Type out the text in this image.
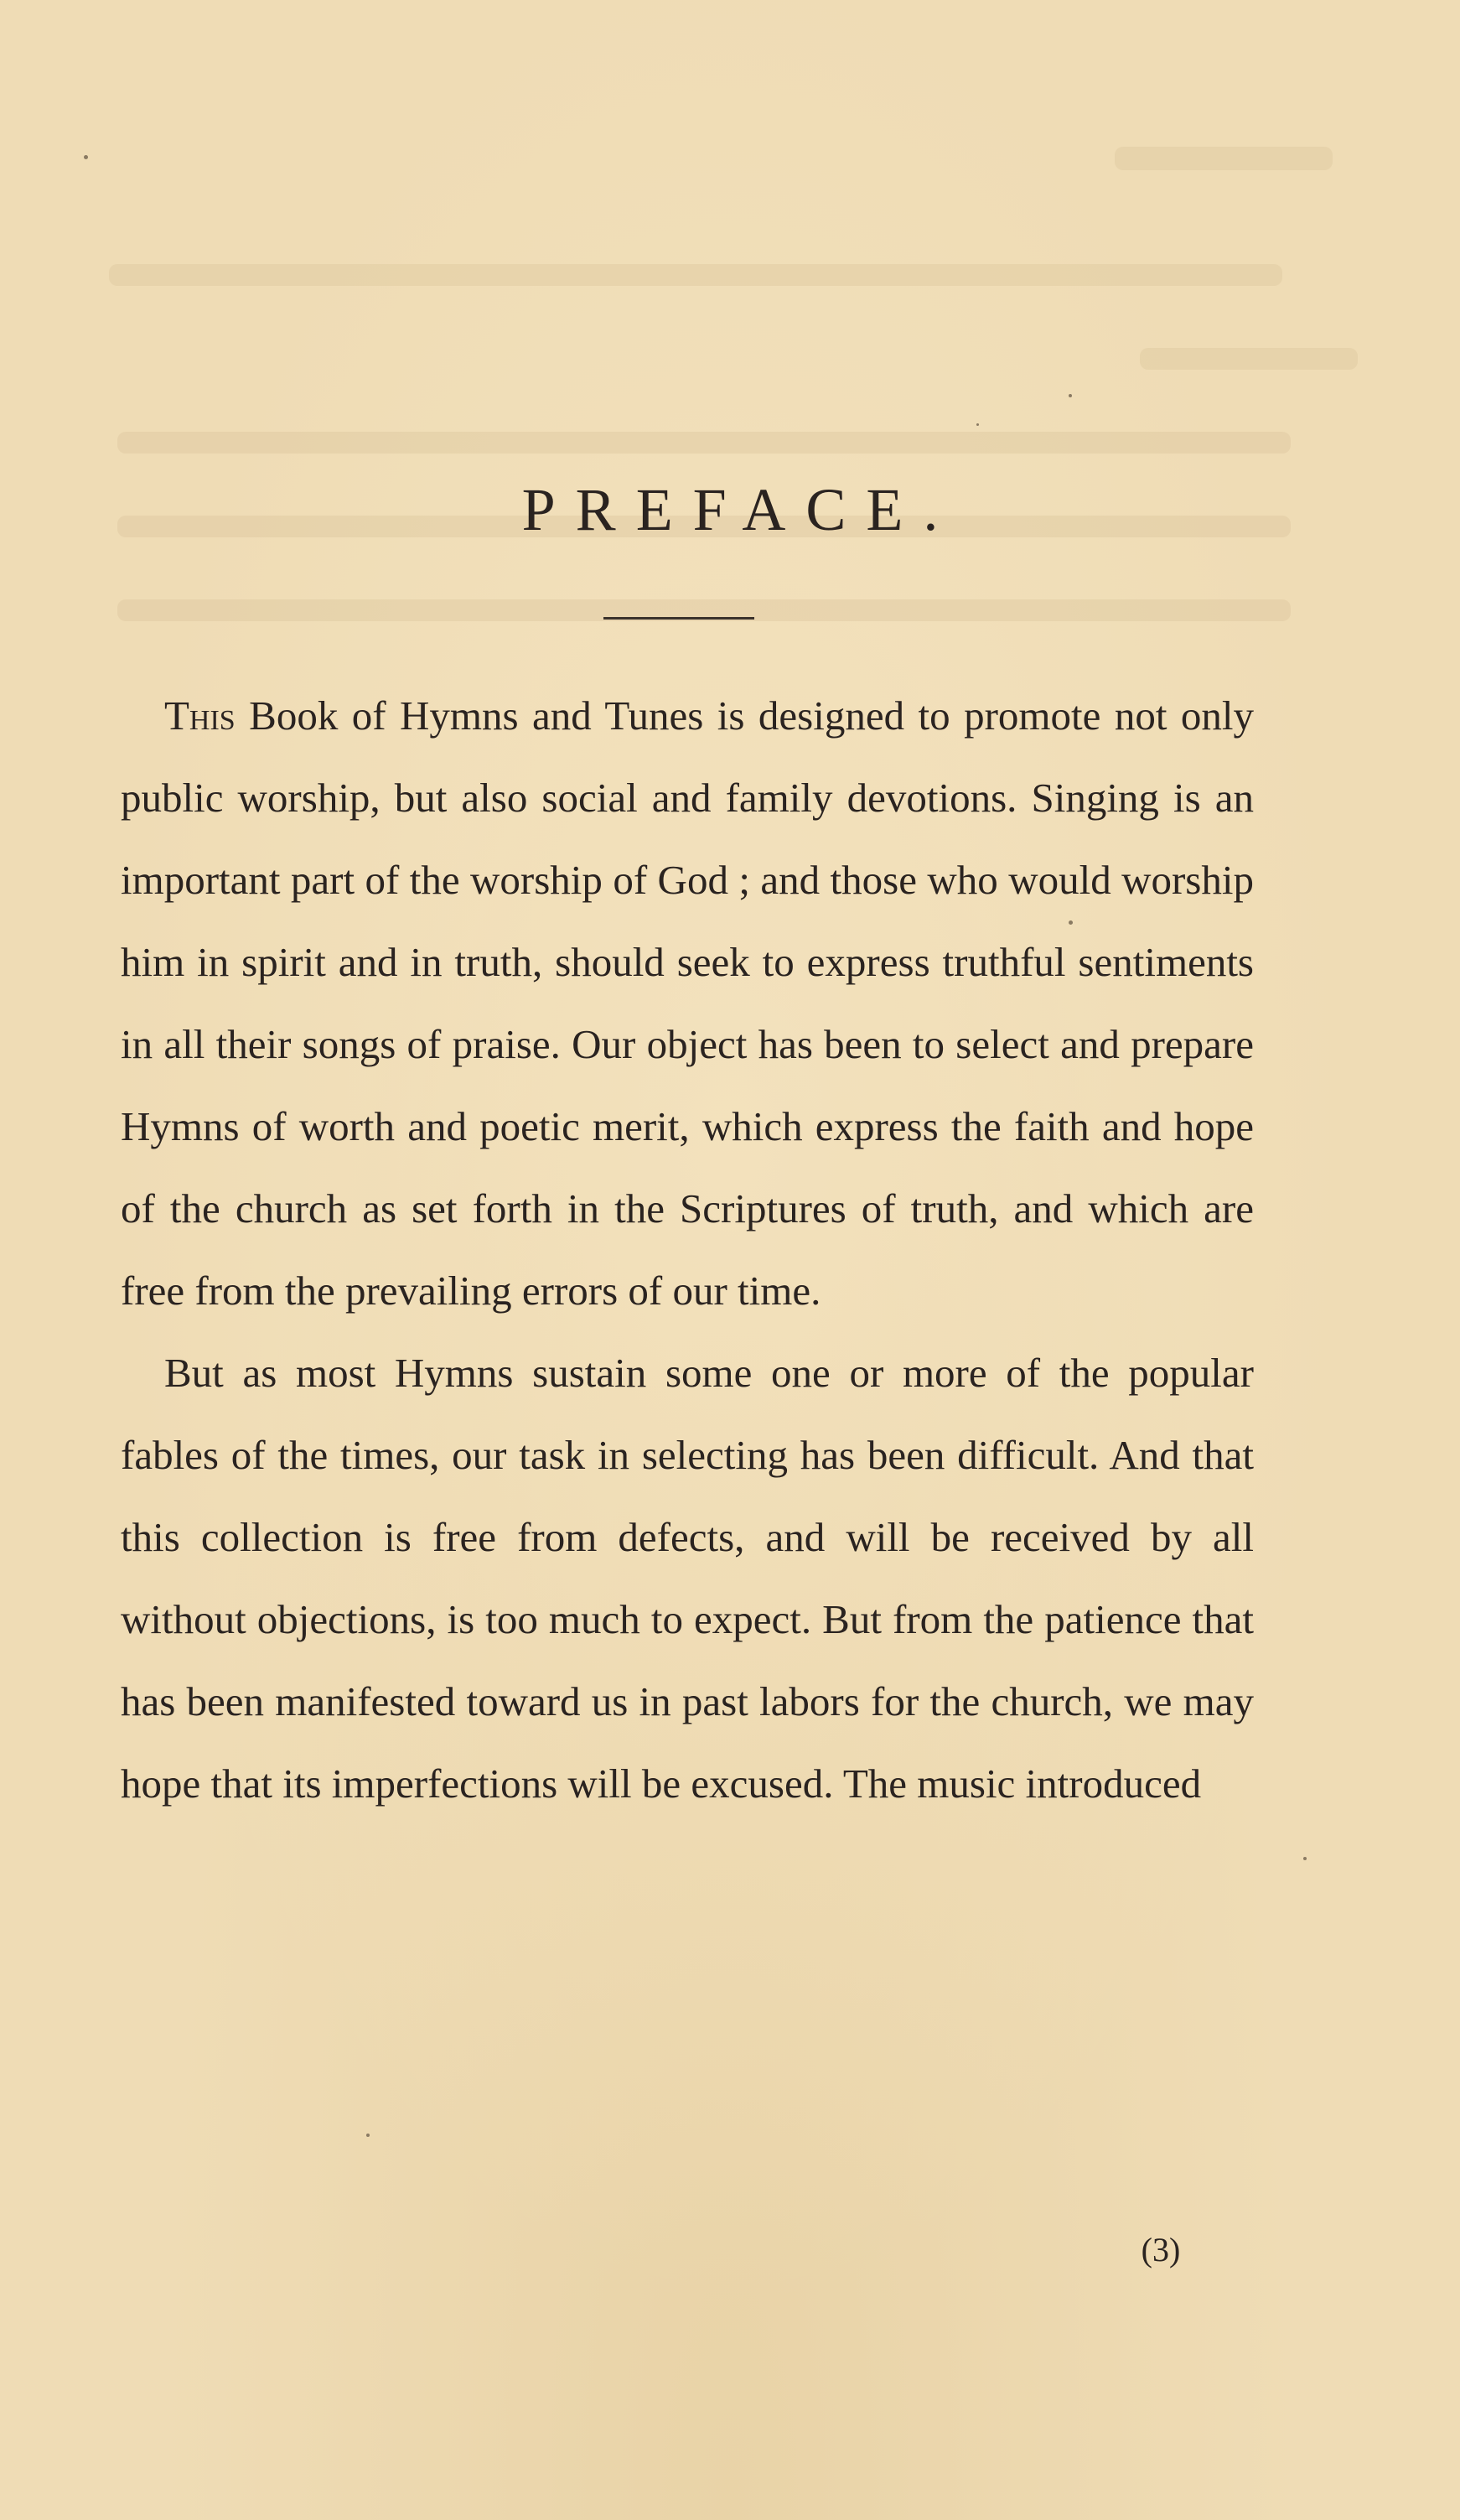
PREFACE.

This Book of Hymns and Tunes is designed to promote not only public worship, but also social and family devotions. Singing is an important part of the worship of God ; and those who would worship him in spirit and in truth, should seek to express truthful sentiments in all their songs of praise. Our object has been to select and prepare Hymns of worth and poetic merit, which express the faith and hope of the church as set forth in the Scriptures of truth, and which are free from the prevailing errors of our time.

But as most Hymns sustain some one or more of the popular fables of the times, our task in selecting has been difficult. And that this collection is free from defects, and will be received by all without objections, is too much to expect. But from the patience that has been manifested toward us in past labors for the church, we may hope that its imperfections will be excused. The music introduced

(3)
